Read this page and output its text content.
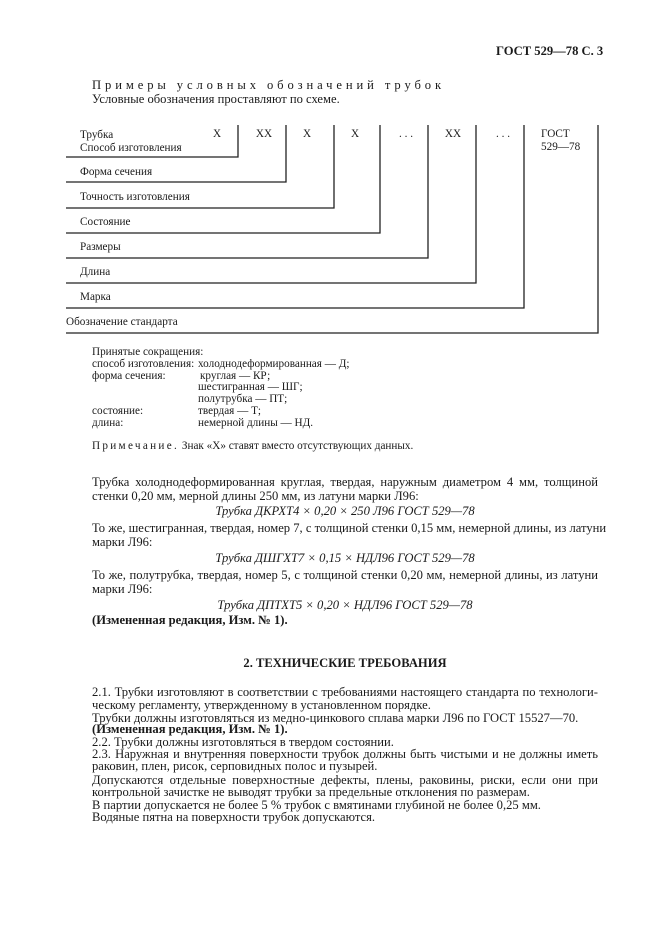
ГОСТ 529—78 С. 3
Примеры условных обозначений трубок
Условные обозначения проставляют по схеме.
Трубка	X	XX	X	X	. . .	XX	. . .	ГОСТ
529—78
Способ изготовления
Форма сечения
Точность изготовления
Состояние
Размеры
Длина
Марка
Обозначение стандарта
Принятые сокращения:
способ изготовления: холоднодеформированная — Д;
форма сечения:	круглая — КР;
шестигранная — ШГ;
полутрубка — ПТ;
состояние:	твердая — Т;
длина:	немерной длины — НД.
Примечание. Знак «Х» ставят вместо отсутствующих данных.
Трубка холоднодеформированная круглая, твердая, наружным диаметром 4 мм, толщиной
стенки 0,20 мм, мерной длины 250 мм, из латуни марки Л96:
Трубка ДКРХТ4 × 0,20 × 250 Л96 ГОСТ 529—78
То же, шестигранная, твердая, номер 7, с толщиной стенки 0,15 мм, немерной длины, из латуни
марки Л96:
Трубка ДШГХТ7 × 0,15 × НДЛ96 ГОСТ 529—78
То же, полутрубка, твердая, номер 5, с толщиной стенки 0,20 мм, немерной длины, из латуни
марки Л96:
Трубка ДПТХТ5 × 0,20 × НДЛ96 ГОСТ 529—78
(Измененная редакция, Изм. № 1).
2. ТЕХНИЧЕСКИЕ ТРЕБОВАНИЯ
2.1. Трубки изготовляют в соответствии с требованиями настоящего стандарта по технологи-
ческому регламенту, утвержденному в установленном порядке.
Трубки должны изготовляться из медно-цинкового сплава марки Л96 по ГОСТ 15527—70.
(Измененная редакция, Изм. № 1).
2.2. Трубки должны изготовляться в твердом состоянии.
2.3. Наружная и внутренняя поверхности трубок должны быть чистыми и не должны иметь
раковин, плен, рисок, серповидных полос и пузырей.
Допускаются отдельные поверхностные дефекты, плены, раковины, риски, если они при
контрольной зачистке не выводят трубки за предельные отклонения по размерам.
В партии допускается не более 5 % трубок с вмятинами глубиной не более 0,25 мм.
Водяные пятна на поверхности трубок допускаются.
